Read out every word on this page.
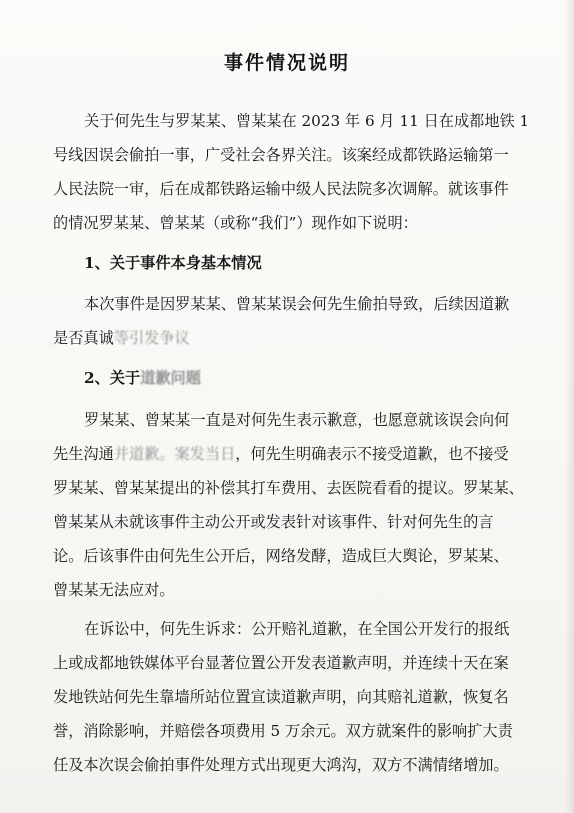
事件情况说明
关于何先生与罗某某、曾某某在 2023 年 6 月 11 日在成都地铁 1
号线因误会偷拍一事，广受社会各界关注。该案经成都铁路运输第一
人民法院一审，后在成都铁路运输中级人民法院多次调解。就该事件
的情况罗某某、曾某某（或称“我们”）现作如下说明：
1、关于事件本身基本情况
本次事件是因罗某某、曾某某误会何先生偷拍导致，后续因道歉
是否真诚等引发争议
2、关于道歉问题
罗某某、曾某某一直是对何先生表示歉意，也愿意就该误会向何
先生沟通并道歉。案发当日，何先生明确表示不接受道歉，也不接受
罗某某、曾某某提出的补偿其打车费用、去医院看看的提议。罗某某、
曾某某从未就该事件主动公开或发表针对该事件、针对何先生的言
论。后该事件由何先生公开后，网络发酵，造成巨大舆论，罗某某、
曾某某无法应对。
在诉讼中，何先生诉求：公开赔礼道歉，在全国公开发行的报纸
上或成都地铁媒体平台显著位置公开发表道歉声明，并连续十天在案
发地铁站何先生靠墙所站位置宣读道歉声明，向其赔礼道歉，恢复名
誉，消除影响，并赔偿各项费用 5 万余元。双方就案件的影响扩大责
任及本次误会偷拍事件处理方式出现更大鸿沟，双方不满情绪增加。
